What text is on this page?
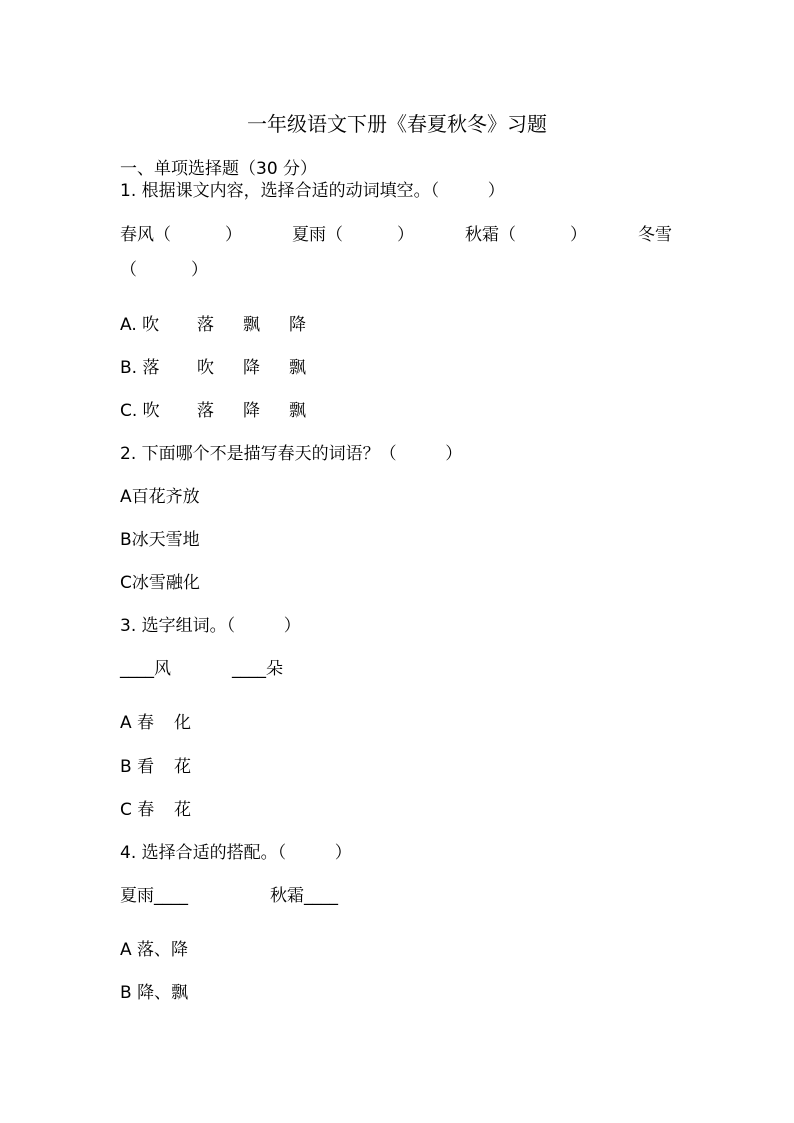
一年级语文下册《春夏秋冬》习题
一、单项选择题（30 分）
1. 根据课文内容，选择合适的动词填空。（         ）
春风（          ）	夏雨（          ）	秋霜（          ）	冬雪
（          ）
A. 吹 落 飘 降
B. 落 吹 降 飘
C. 吹 落 降 飘
2. 下面哪个不是描写春天的词语？（         ）
A百花齐放
B冰天雪地
C冰雪融化
3. 选字组词。（         ）
____风	____朵
A 春 化
B 看 花
C 春 花
4. 选择合适的搭配。（         ）
夏雨____	秋霜____
A 落、降
B 降、飘
